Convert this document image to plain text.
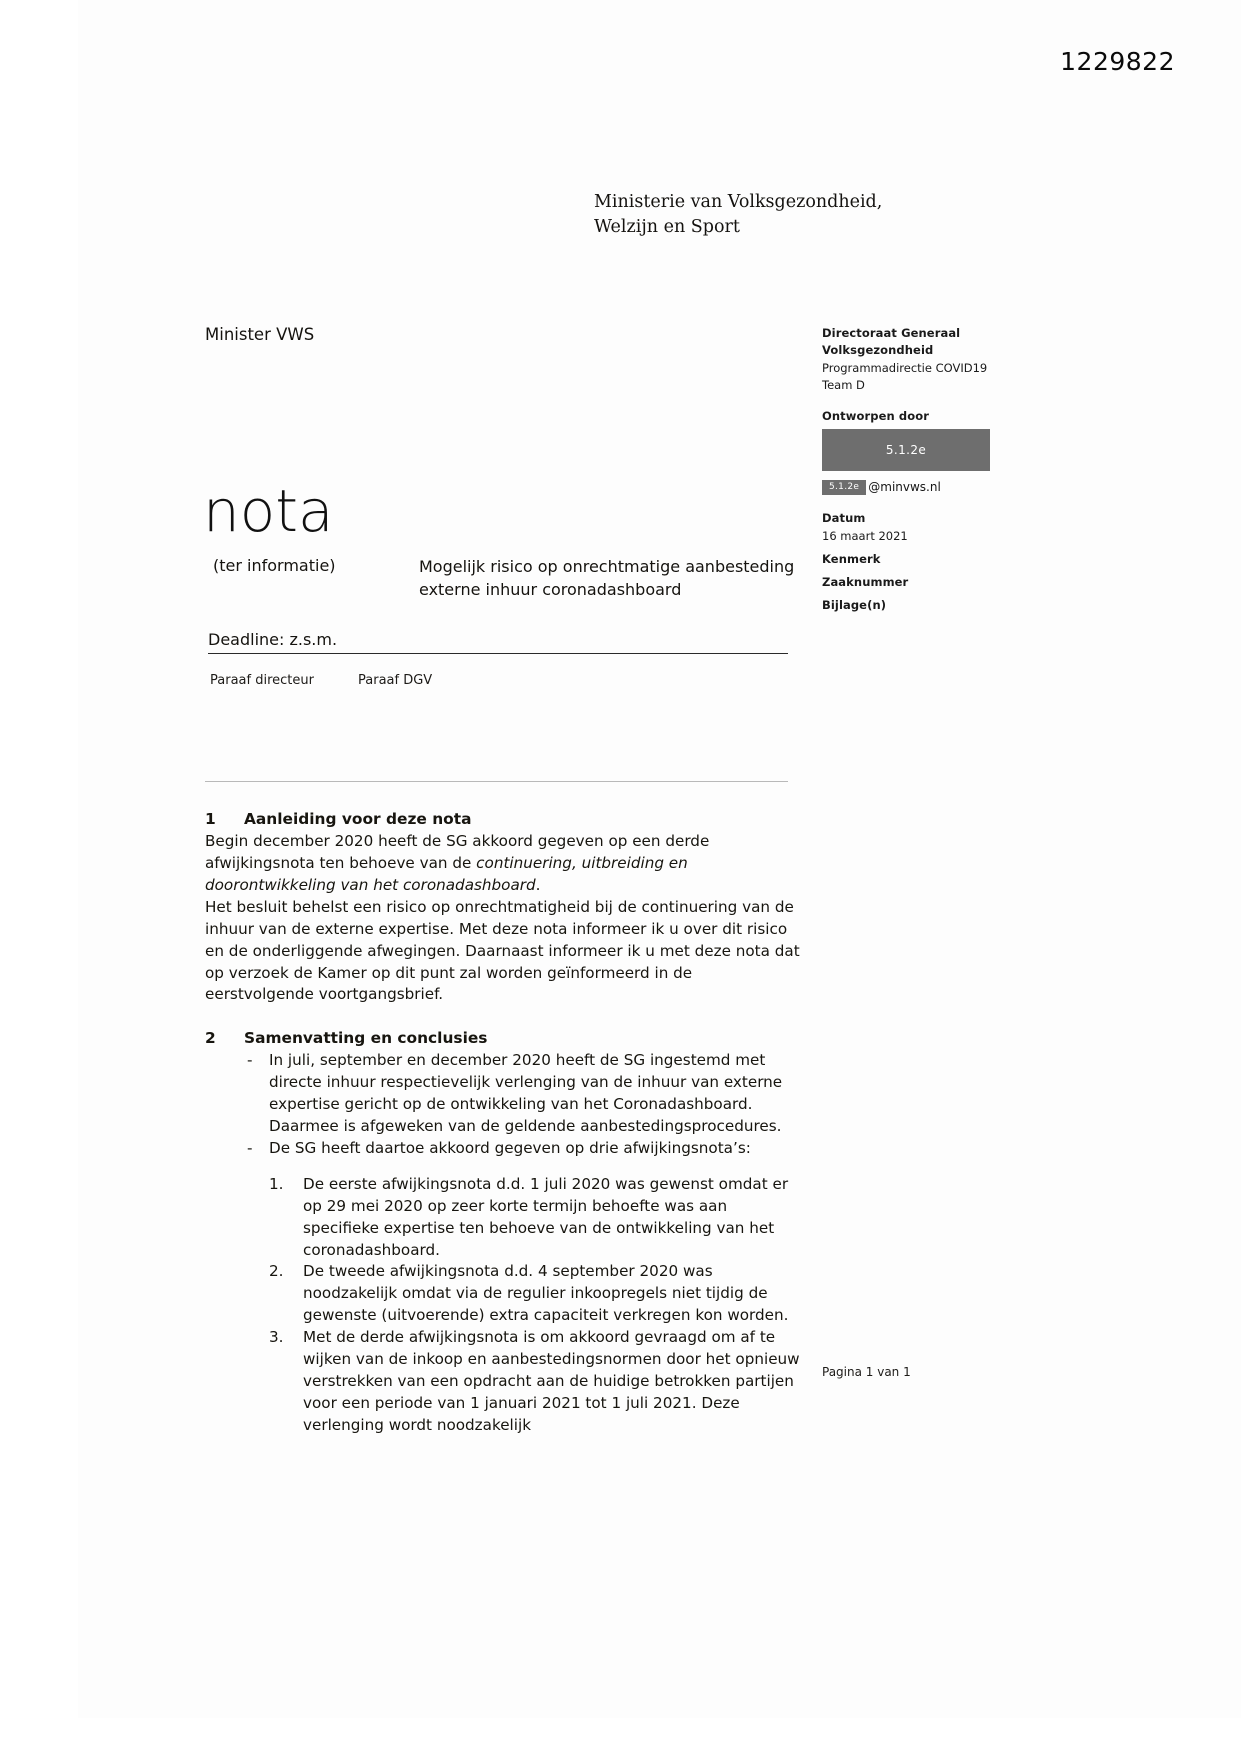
1229822
Ministerie van Volksgezondheid,
Welzijn en Sport
Minister VWS	Directoraat Generaal
Volksgezondheid
Programmadirectie COVID19
Team D
Ontworpen door
5.1.2e
5.1.2e @minvws.nl
Datum
16 maart 2021
Kenmerk
Zaaknummer
Bijlage(n)
nota
(ter informatie)	Mogelijk risico op onrechtmatige aanbesteding
externe inhuur coronadashboard
Deadline: z.s.m.
Paraaf directeur	Paraaf DGV
1	Aanleiding voor deze nota
Begin december 2020 heeft de SG akkoord gegeven op een derde afwijkingsnota ten behoeve van de continuering, uitbreiding en doorontwikkeling van het coronadashboard.
Het besluit behelst een risico op onrechtmatigheid bij de continuering van de inhuur van de externe expertise. Met deze nota informeer ik u over dit risico en de onderliggende afwegingen. Daarnaast informeer ik u met deze nota dat op verzoek de Kamer op dit punt zal worden geïnformeerd in de eerstvolgende voortgangsbrief.
2	Samenvatting en conclusies
- In juli, september en december 2020 heeft de SG ingestemd met directe inhuur respectievelijk verlenging van de inhuur van externe expertise gericht op de ontwikkeling van het Coronadashboard. Daarmee is afgeweken van de geldende aanbestedingsprocedures.
- De SG heeft daartoe akkoord gegeven op drie afwijkingsnota’s:
1. De eerste afwijkingsnota d.d. 1 juli 2020 was gewenst omdat er op 29 mei 2020 op zeer korte termijn behoefte was aan specifieke expertise ten behoeve van de ontwikkeling van het coronadashboard.
2. De tweede afwijkingsnota d.d. 4 september 2020 was noodzakelijk omdat via de regulier inkoopregels niet tijdig de gewenste (uitvoerende) extra capaciteit verkregen kon worden.
3. Met de derde afwijkingsnota is om akkoord gevraagd om af te wijken van de inkoop en aanbestedingsnormen door het opnieuw verstrekken van een opdracht aan de huidige betrokken partijen voor een periode van 1 januari 2021 tot 1 juli 2021. Deze verlenging wordt noodzakelijk
Pagina 1 van 1
